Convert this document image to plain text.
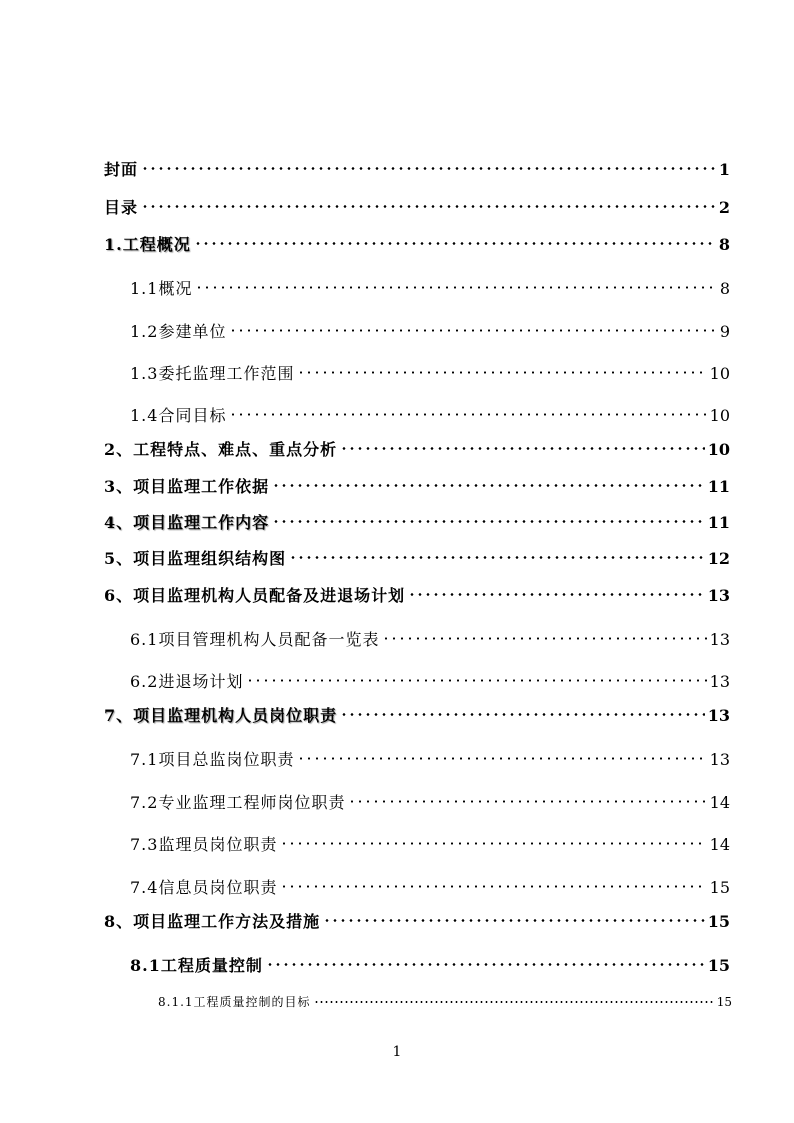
封面	1
目录	2
1.工程概况	8
1.1概况	8
1.2参建单位	9
1.3委托监理工作范围	10
1.4合同目标	10
2、工程特点、难点、重点分析	10
3、项目监理工作依据	11
4、项目监理工作内容	11
5、项目监理组织结构图	12
6、项目监理机构人员配备及进退场计划	13
6.1项目管理机构人员配备一览表	13
6.2进退场计划	13
7、项目监理机构人员岗位职责	13
7.1项目总监岗位职责	13
7.2专业监理工程师岗位职责	14
7.3监理员岗位职责	14
7.4信息员岗位职责	15
8、项目监理工作方法及措施	15
8.1工程质量控制	15
8.1.1工程质量控制的目标	15
1
